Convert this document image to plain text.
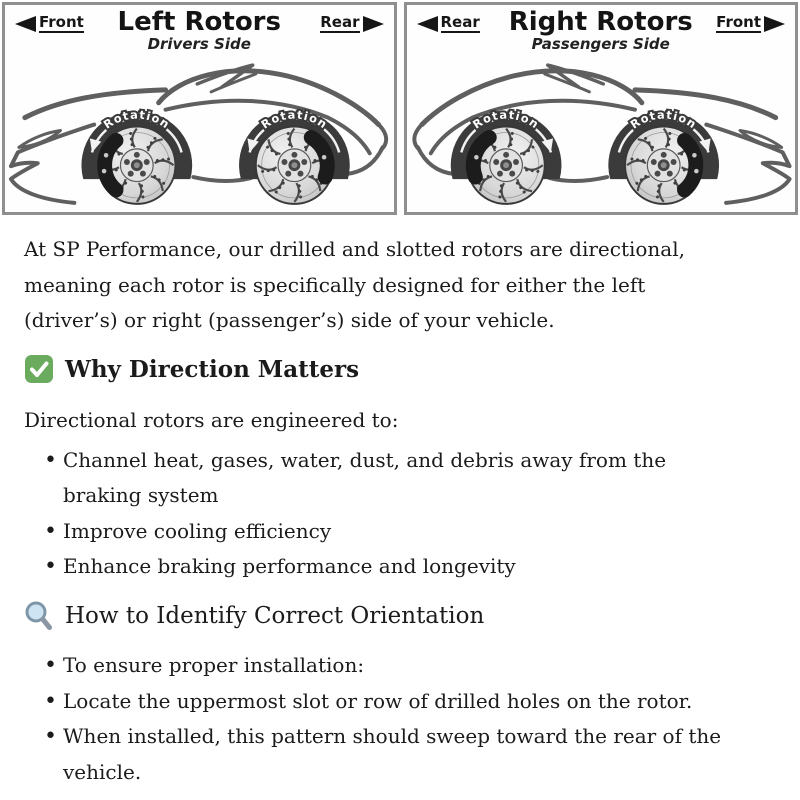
Front	Left Rotors
Drivers Side
Rear
Rotation	Rotation
Rear	Right Rotors
Passengers Side
Front
Rotation	Rotation

At SP Performance, our drilled and slotted rotors are directional,
meaning each rotor is specifically designed for either the left
(driver’s) or right (passenger’s) side of your vehicle.

Why Direction Matters

Directional rotors are engineered to:

• Channel heat, gases, water, dust, and debris away from the
braking system
• Improve cooling efficiency
• Enhance braking performance and longevity
How to Identify Correct Orientation
• To ensure proper installation:
• Locate the uppermost slot or row of drilled holes on the rotor.
• When installed, this pattern should sweep toward the rear of the
vehicle.
